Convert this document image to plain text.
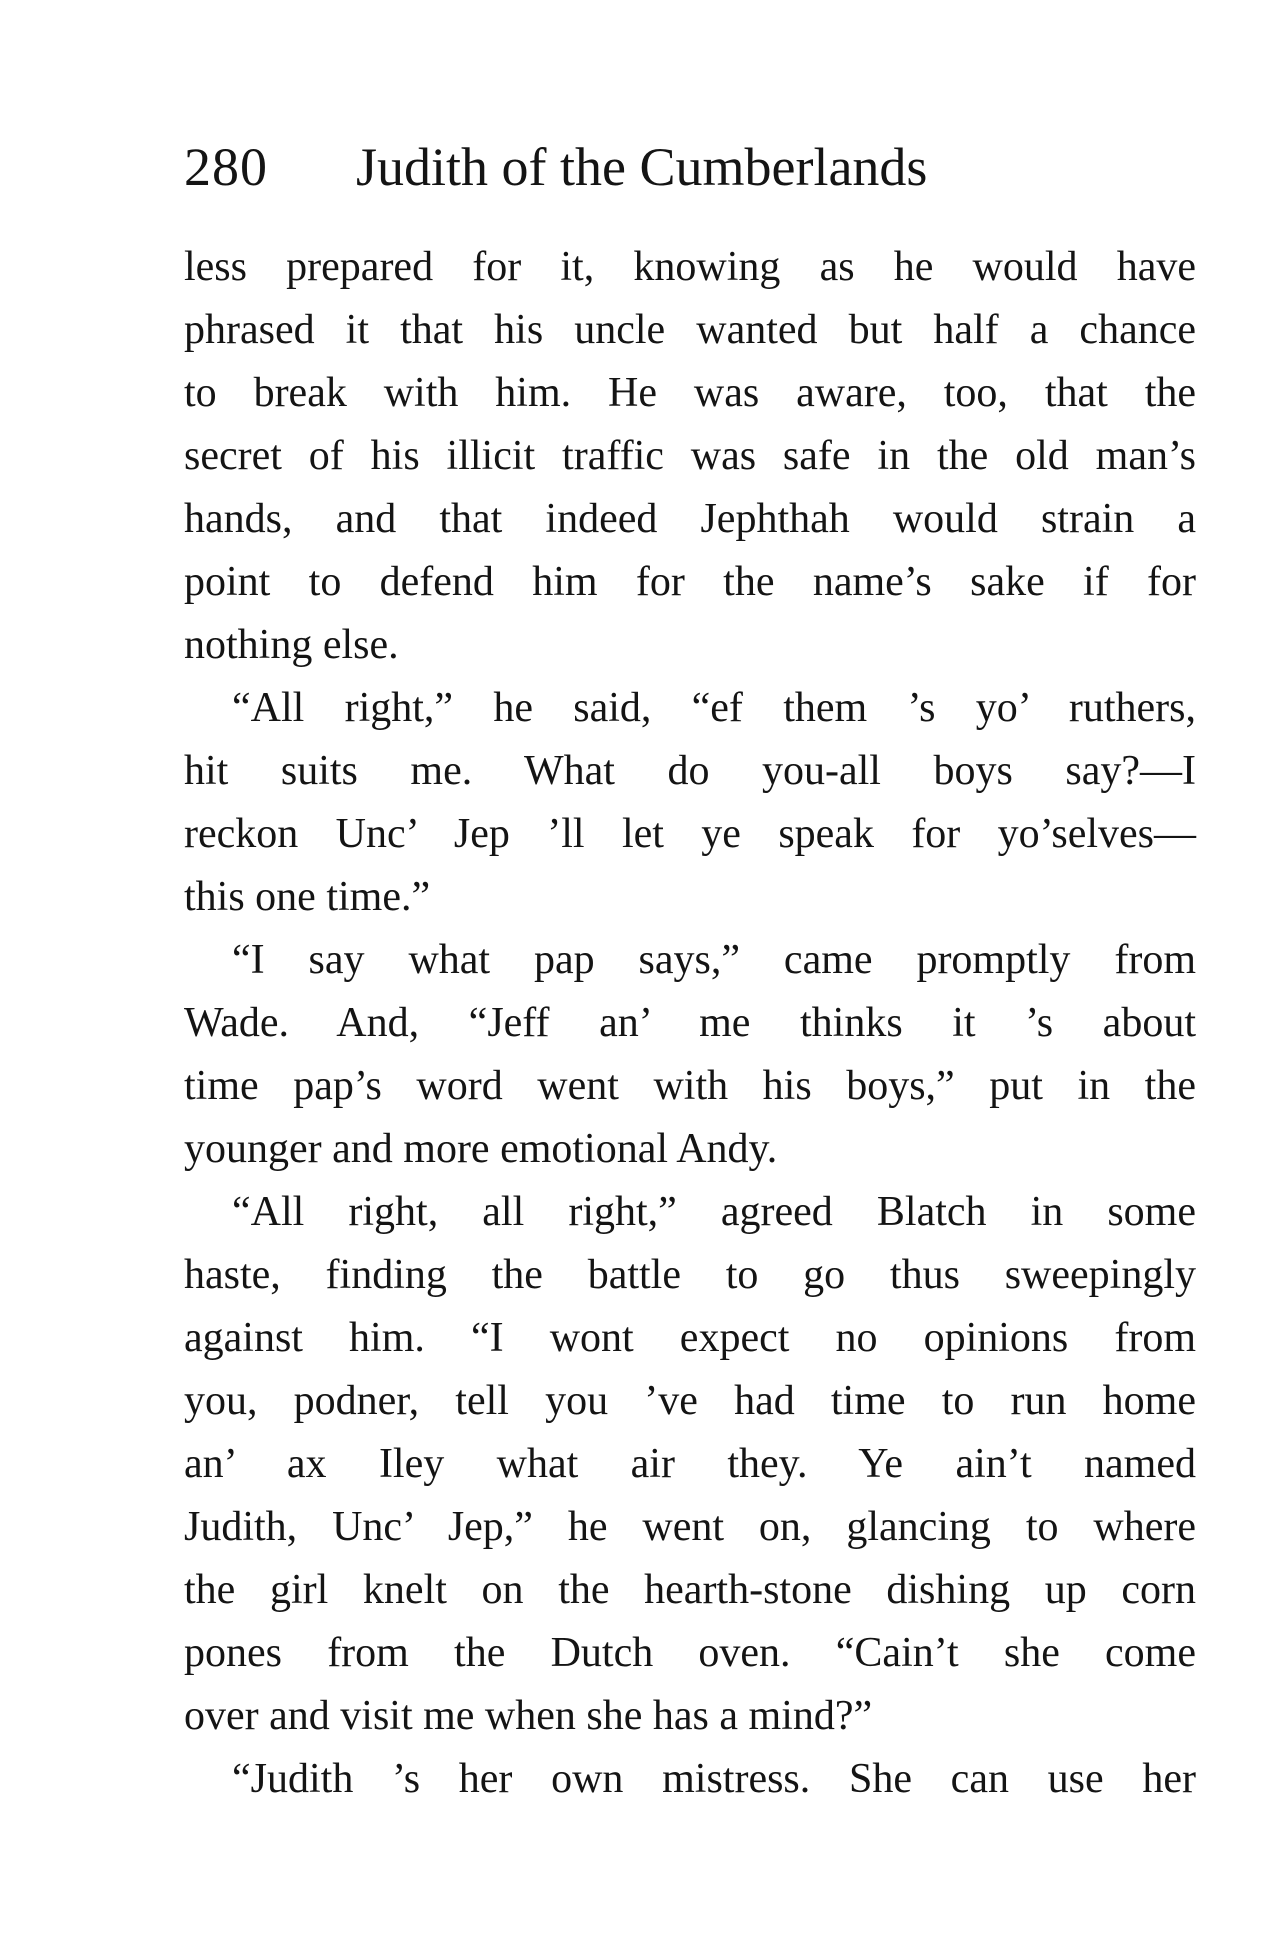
280 Judith of the Cumberlands
less prepared for it, knowing as he would have
phrased it that his uncle wanted but half a chance
to break with him. He was aware, too, that the
secret of his illicit traffic was safe in the old man’s
hands, and that indeed Jephthah would strain a
point to defend him for the name’s sake if for
nothing else.
“All right,” he said, “ef them ’s yo’ ruthers,
hit suits me. What do you-all boys say?—I
reckon Unc’ Jep ’ll let ye speak for yo’selves—
this one time.”
“I say what pap says,” came promptly from
Wade. And, “Jeff an’ me thinks it ’s about
time pap’s word went with his boys,” put in the
younger and more emotional Andy.
“All right, all right,” agreed Blatch in some
haste, finding the battle to go thus sweepingly
against him. “I wont expect no opinions from
you, podner, tell you ’ve had time to run home
an’ ax Iley what air they. Ye ain’t named
Judith, Unc’ Jep,” he went on, glancing to where
the girl knelt on the hearth-stone dishing up corn
pones from the Dutch oven. “Cain’t she come
over and visit me when she has a mind?”
“Judith ’s her own mistress. She can use her
